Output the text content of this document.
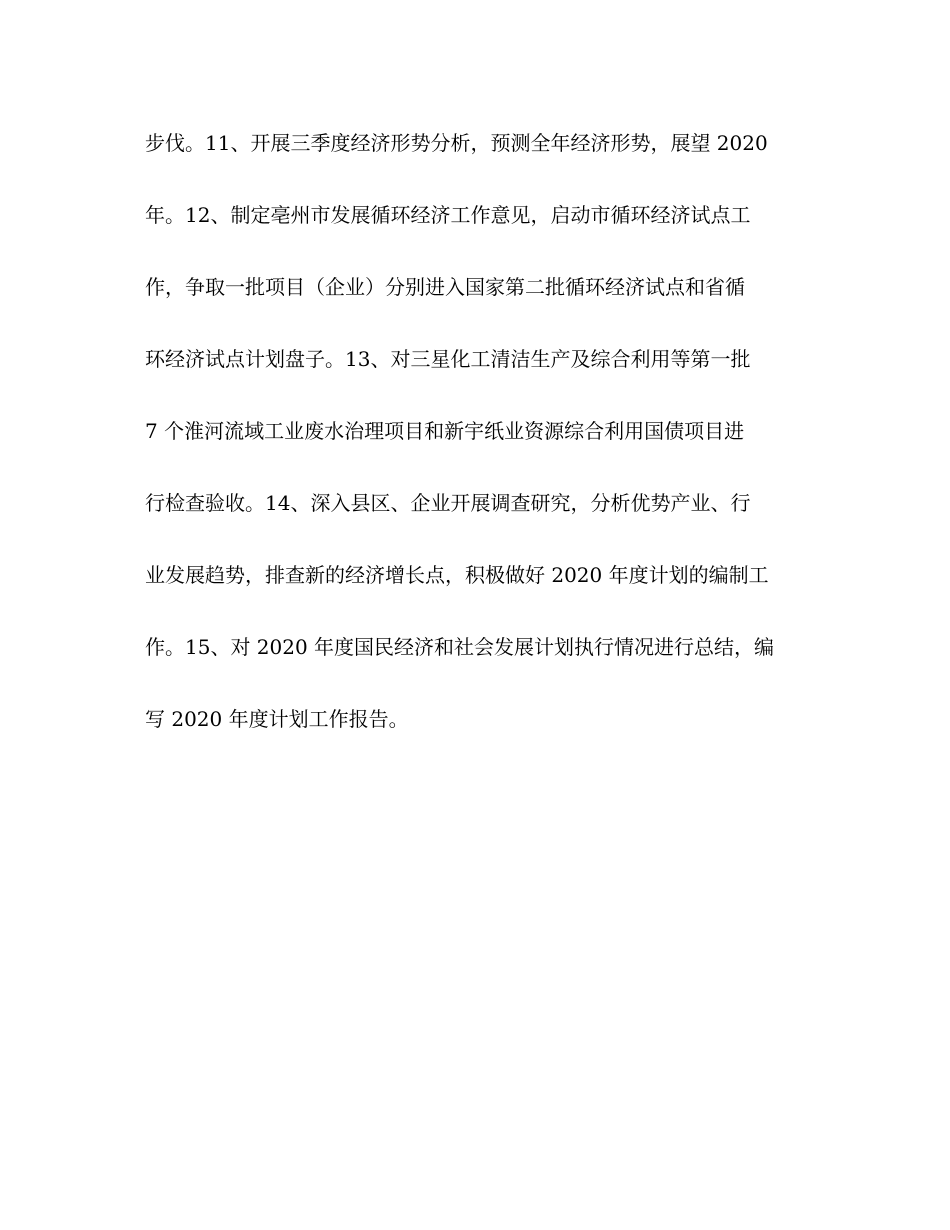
步伐。11、开展三季度经济形势分析，预测全年经济形势，展望 2020
年。12、制定亳州市发展循环经济工作意见，启动市循环经济试点工
作，争取一批项目（企业）分别进入国家第二批循环经济试点和省循
环经济试点计划盘子。13、对三星化工清洁生产及综合利用等第一批
7 个淮河流域工业废水治理项目和新宇纸业资源综合利用国债项目进
行检查验收。14、深入县区、企业开展调查研究，分析优势产业、行
业发展趋势，排查新的经济增长点，积极做好 2020 年度计划的编制工
作。15、对 2020 年度国民经济和社会发展计划执行情况进行总结，编
写 2020 年度计划工作报告。
